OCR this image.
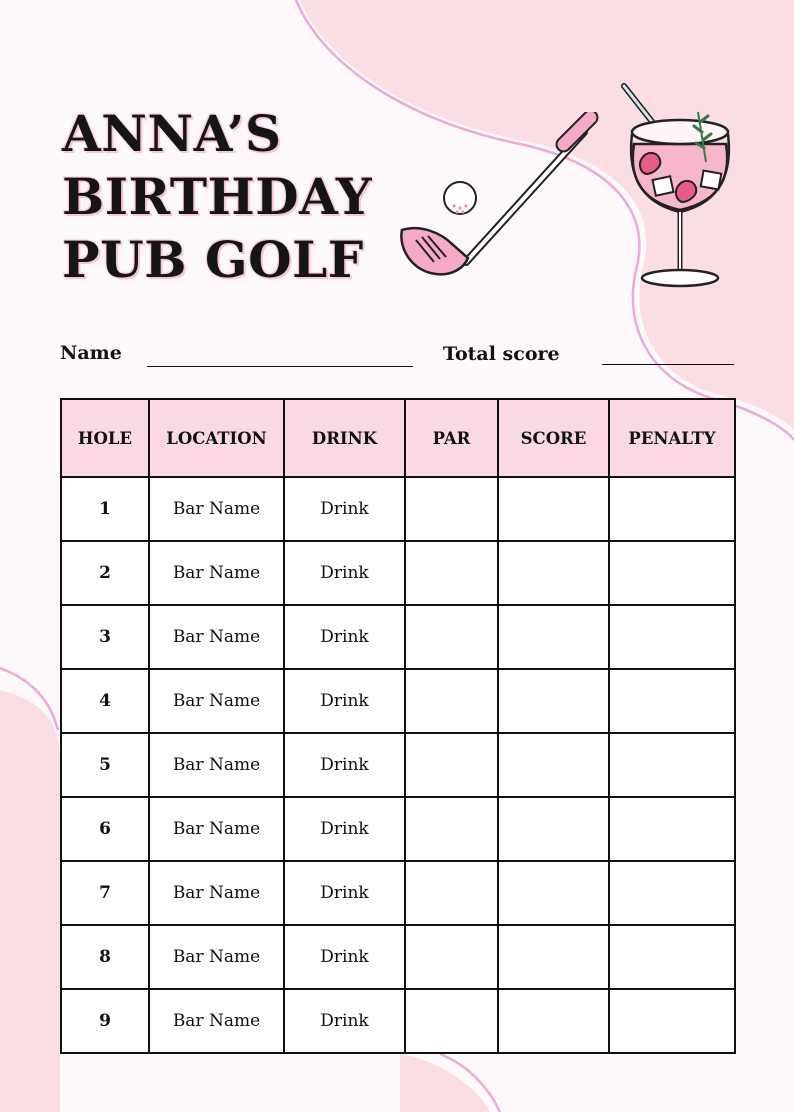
ANNA’S
BIRTHDAY
PUB GOLF
Name	Total score
HOLE	LOCATION	DRINK	PAR	SCORE	PENALTY
1	Bar Name	Drink			
2	Bar Name	Drink			
3	Bar Name	Drink			
4	Bar Name	Drink			
5	Bar Name	Drink			
6	Bar Name	Drink			
7	Bar Name	Drink			
8	Bar Name	Drink			
9	Bar Name	Drink			
